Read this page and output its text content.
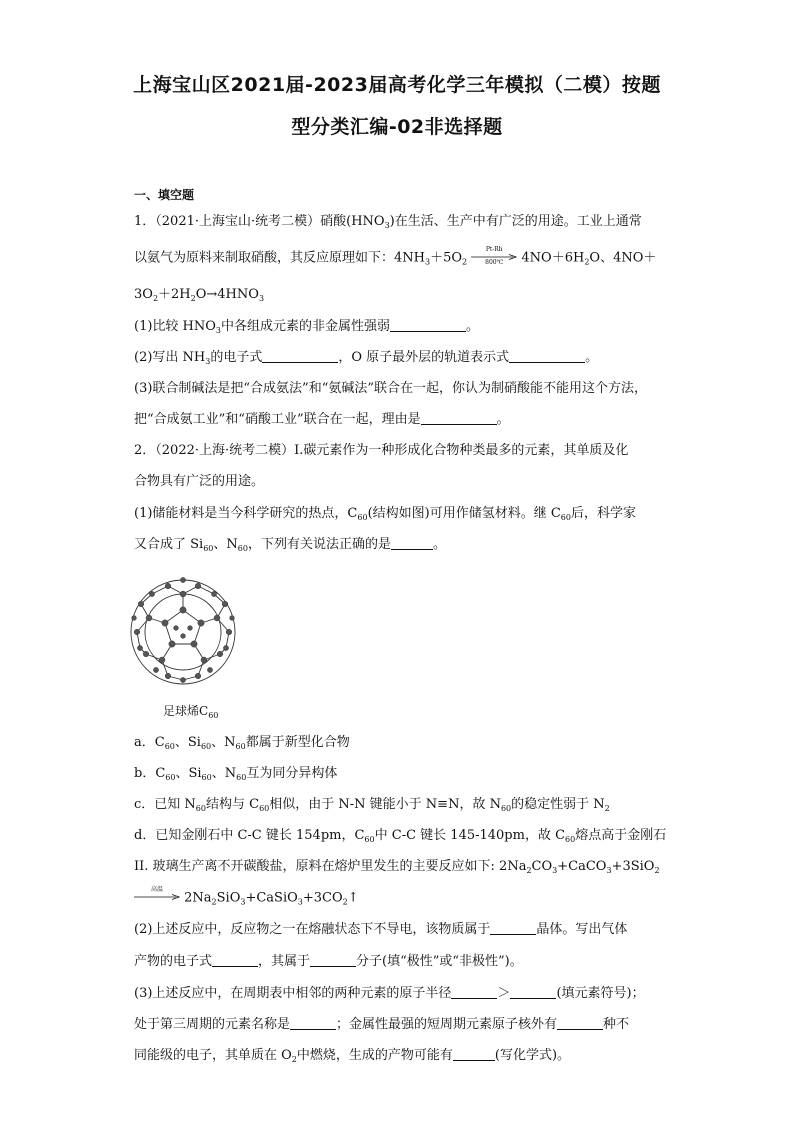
上海宝山区2021届-2023届高考化学三年模拟（二模）按题
型分类汇编-02非选择题
一、填空题
1．（2021·上海宝山·统考二模）硝酸$(HNO_3)$在生活、生产中有广泛的用途。工业上通常
以氨气为原料来制取硝酸，其反应原理如下：$4NH_3+5O_2$
Pt-Rh
800℃	$4NO+6H_2O$、4NO＋
$3O_2+2H_2O\to 4HNO_3$
(1)比较 $HNO_3$中各组成元素的非金属性强弱	。
(2)写出 $NH_3$的电子式	，O 原子最外层的轨道表示式	。
(3)联合制碱法是把“合成氨法”和“氨碱法”联合在一起，你认为制硝酸能不能用这个方法，
把“合成氨工业”和“硝酸工业”联合在一起，理由是	。
2．（2022·上海·统考二模）I.碳元素作为一种形成化合物种类最多的元素，其单质及化
合物具有广泛的用途。
(1)储能材料是当今科学研究的热点，$C_{60}$(结构如图)可用作储氢材料。继 $C_{60}$后，科学家
又合成了 $Si_{60}$、$N_{60}$，下列有关说法正确的是	。
足球烯$C_{60}$
a．$C_{60}$、$Si_{60}$、$N_{60}$都属于新型化合物
b．$C_{60}$、$Si_{60}$、$N_{60}$互为同分异构体
c．已知 $N_{60}$结构与 $C_{60}$相似，由于 N-N 键能小于 N≡N，故 $N_{60}$的稳定性弱于 $N_2$
d．已知金刚石中 C-C 键长 154pm，$C_{60}$中 C-C 键长 145-140pm，故 $C_{60}$熔点高于金刚石
II. 玻璃生产离不开碳酸盐，原料在熔炉里发生的主要反应如下: $2Na_2CO_3+CaCO_3+3SiO_2$
高温
$2Na_2SiO_3+CaSiO_3+3CO_2↑$
(2)上述反应中，反应物之一在熔融状态下不导电，该物质属于	晶体。写出气体
产物的电子式	，其属于	分子(填“极性”或“非极性”)。
(3)上述反应中，在周期表中相邻的两种元素的原子半径	＞	(填元素符号)；
处于第三周期的元素名称是	；金属性最强的短周期元素原子核外有	种不
同能级的电子，其单质在 $O_2$中燃烧，生成的产物可能有	(写化学式)。
